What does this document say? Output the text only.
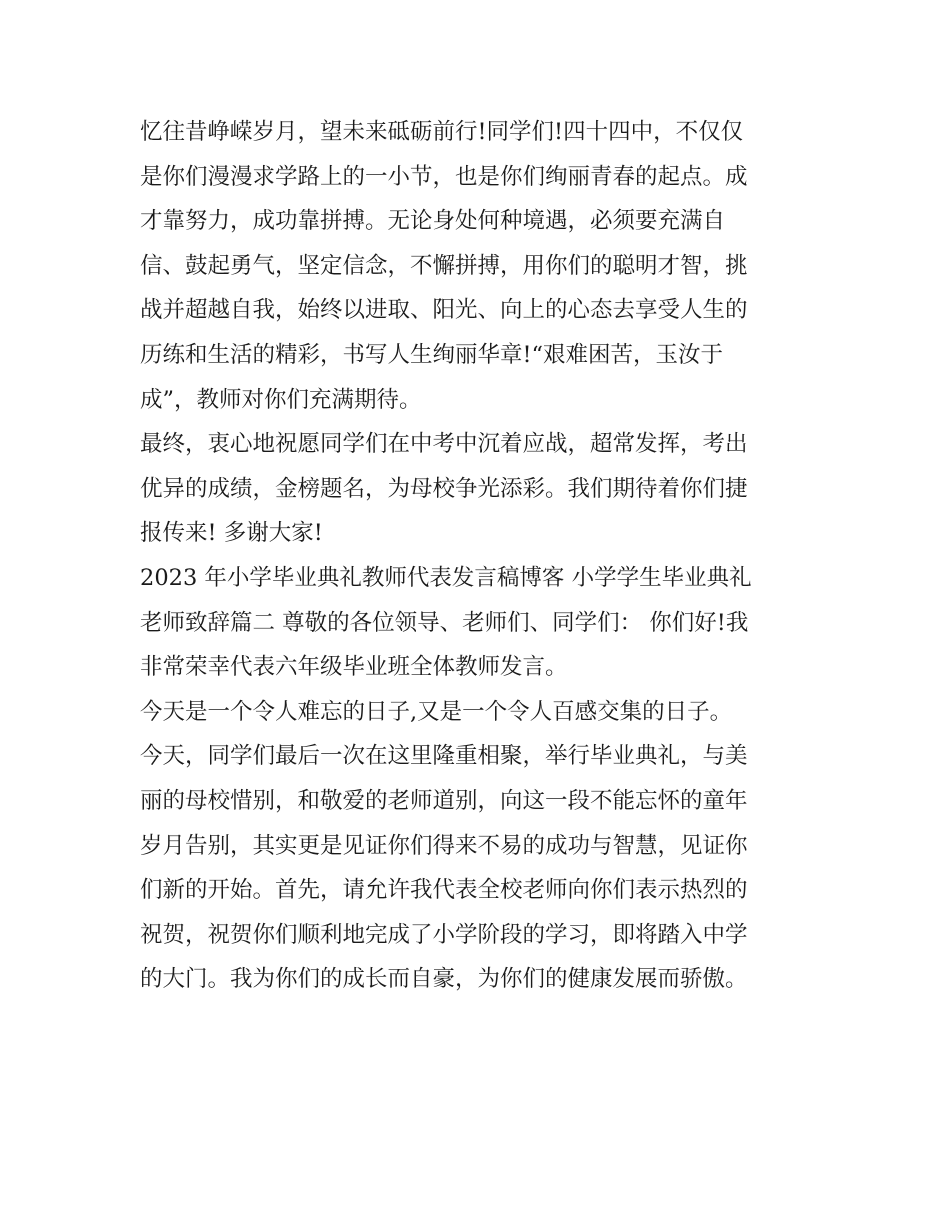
忆往昔峥嵘岁月，望未来砥砺前行!同学们!四十四中，不仅仅
是你们漫漫求学路上的一小节，也是你们绚丽青春的起点。成
才靠努力，成功靠拼搏。无论身处何种境遇，必须要充满自
信、鼓起勇气，坚定信念，不懈拼搏，用你们的聪明才智，挑
战并超越自我，始终以进取、阳光、向上的心态去享受人生的
历练和生活的精彩，书写人生绚丽华章!“艰难困苦，玉汝于
成”，教师对你们充满期待。
最终，衷心地祝愿同学们在中考中沉着应战，超常发挥，考出
优异的成绩，金榜题名，为母校争光添彩。我们期待着你们捷
报传来! 多谢大家!
2023 年小学毕业典礼教师代表发言稿博客 小学学生毕业典礼
老师致辞篇二 尊敬的各位领导、老师们、同学们： 你们好!我
非常荣幸代表六年级毕业班全体教师发言。
今天是一个令人难忘的日子,又是一个令人百感交集的日子。
今天，同学们最后一次在这里隆重相聚，举行毕业典礼，与美
丽的母校惜别，和敬爱的老师道别，向这一段不能忘怀的童年
岁月告别，其实更是见证你们得来不易的成功与智慧，见证你
们新的开始。首先，请允许我代表全校老师向你们表示热烈的
祝贺，祝贺你们顺利地完成了小学阶段的学习，即将踏入中学
的大门。我为你们的成长而自豪，为你们的健康发展而骄傲。
